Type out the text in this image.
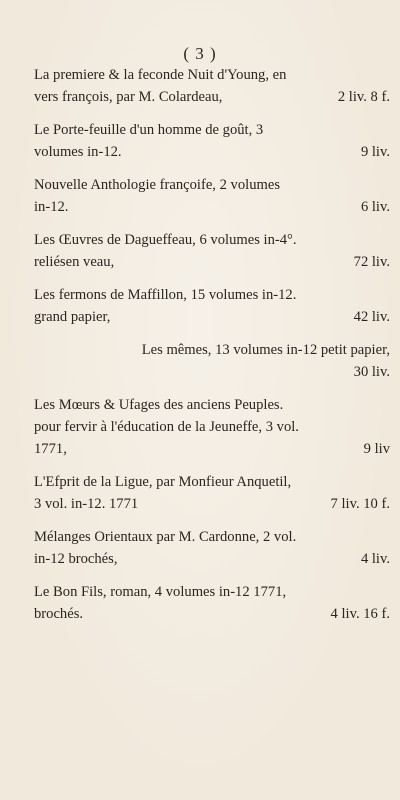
( 3 )
La premiere & la feconde Nuit d'Young, en
vers françois, par M. Colardeau,	2 liv. 8 f.
Le Porte-feuille d'un homme de goût, 3
volumes in-12.	9 liv.
Nouvelle Anthologie françoife, 2 volumes
in-12.	6 liv.
Les Œuvres de Dagueffeau, 6 volumes in-4°.
reliésen veau,	72 liv.
Les fermons de Maffillon, 15 volumes in-12.
grand papier,	42 liv.
Les mêmes, 13 volumes in-12 petit papier,
30 liv.
Les Mœurs & Ufages des anciens Peuples.
pour fervir à l'éducation de la Jeuneffe, 3 vol.
1771,	9 liv
L'Efprit de la Ligue, par Monfieur Anquetil,
3 vol. in-12. 1771	7 liv. 10 f.
Mélanges Orientaux par M. Cardonne, 2 vol.
in-12 brochés,	4 liv.
Le Bon Fils, roman, 4 volumes in-12 1771,
brochés.	4 liv. 16 f.
